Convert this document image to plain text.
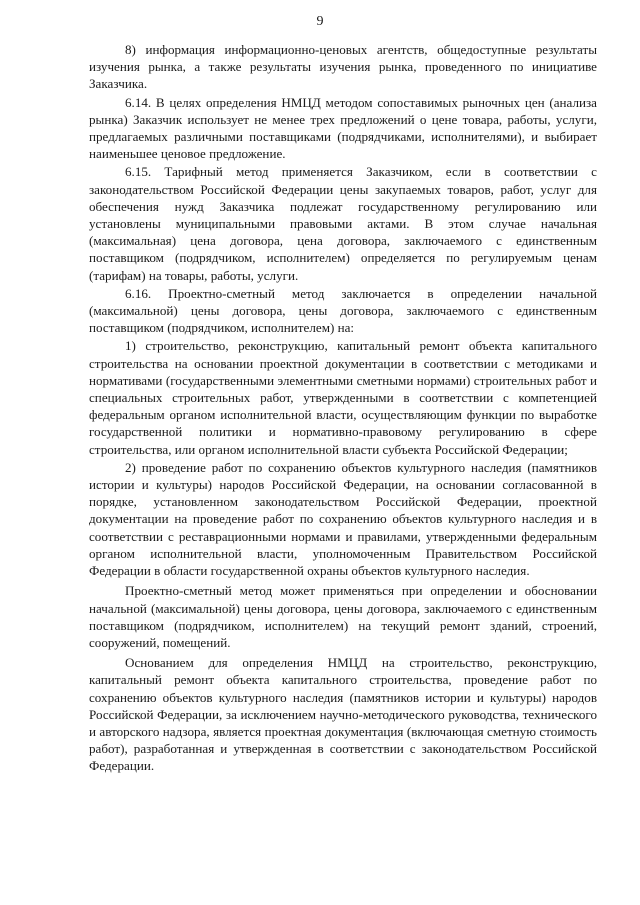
9

8) информация информационно-ценовых агентств, общедоступные результаты изучения рынка, а также результаты изучения рынка, проведенного по инициативе Заказчика.

6.14. В целях определения НМЦД методом сопоставимых рыночных цен (анализа рынка) Заказчик использует не менее трех предложений о цене товара, работы, услуги, предлагаемых различными поставщиками (подрядчиками, исполнителями), и выбирает наименьшее ценовое предложение.

6.15. Тарифный метод применяется Заказчиком, если в соответствии с законодательством Российской Федерации цены закупаемых товаров, работ, услуг для обеспечения нужд Заказчика подлежат государственному регулированию или установлены муниципальными правовыми актами. В этом случае начальная (максимальная) цена договора, цена договора, заключаемого с единственным поставщиком (подрядчиком, исполнителем) определяется по регулируемым ценам (тарифам) на товары, работы, услуги.

6.16. Проектно-сметный метод заключается в определении начальной (максимальной) цены договора, цены договора, заключаемого с единственным поставщиком (подрядчиком, исполнителем) на:

1) строительство, реконструкцию, капитальный ремонт объекта капитального строительства на основании проектной документации в соответствии с методиками и нормативами (государственными элементными сметными нормами) строительных работ и специальных строительных работ, утвержденными в соответствии с компетенцией федеральным органом исполнительной власти, осуществляющим функции по выработке государственной политики и нормативно-правовому регулированию в сфере строительства, или органом исполнительной власти субъекта Российской Федерации;

2) проведение работ по сохранению объектов культурного наследия (памятников истории и культуры) народов Российской Федерации, на основании согласованной в порядке, установленном законодательством Российской Федерации, проектной документации на проведение работ по сохранению объектов культурного наследия и в соответствии с реставрационными нормами и правилами, утвержденными федеральным органом исполнительной власти, уполномоченным Правительством Российской Федерации в области государственной охраны объектов культурного наследия.

Проектно-сметный метод может применяться при определении и обосновании начальной (максимальной) цены договора, цены договора, заключаемого с единственным поставщиком (подрядчиком, исполнителем) на текущий ремонт зданий, строений, сооружений, помещений.

Основанием для определения НМЦД на строительство, реконструкцию, капитальный ремонт объекта капитального строительства, проведение работ по сохранению объектов культурного наследия (памятников истории и культуры) народов Российской Федерации, за исключением научно-методического руководства, технического и авторского надзора, является проектная документация (включающая сметную стоимость работ), разработанная и утвержденная в соответствии с законодательством Российской Федерации.
